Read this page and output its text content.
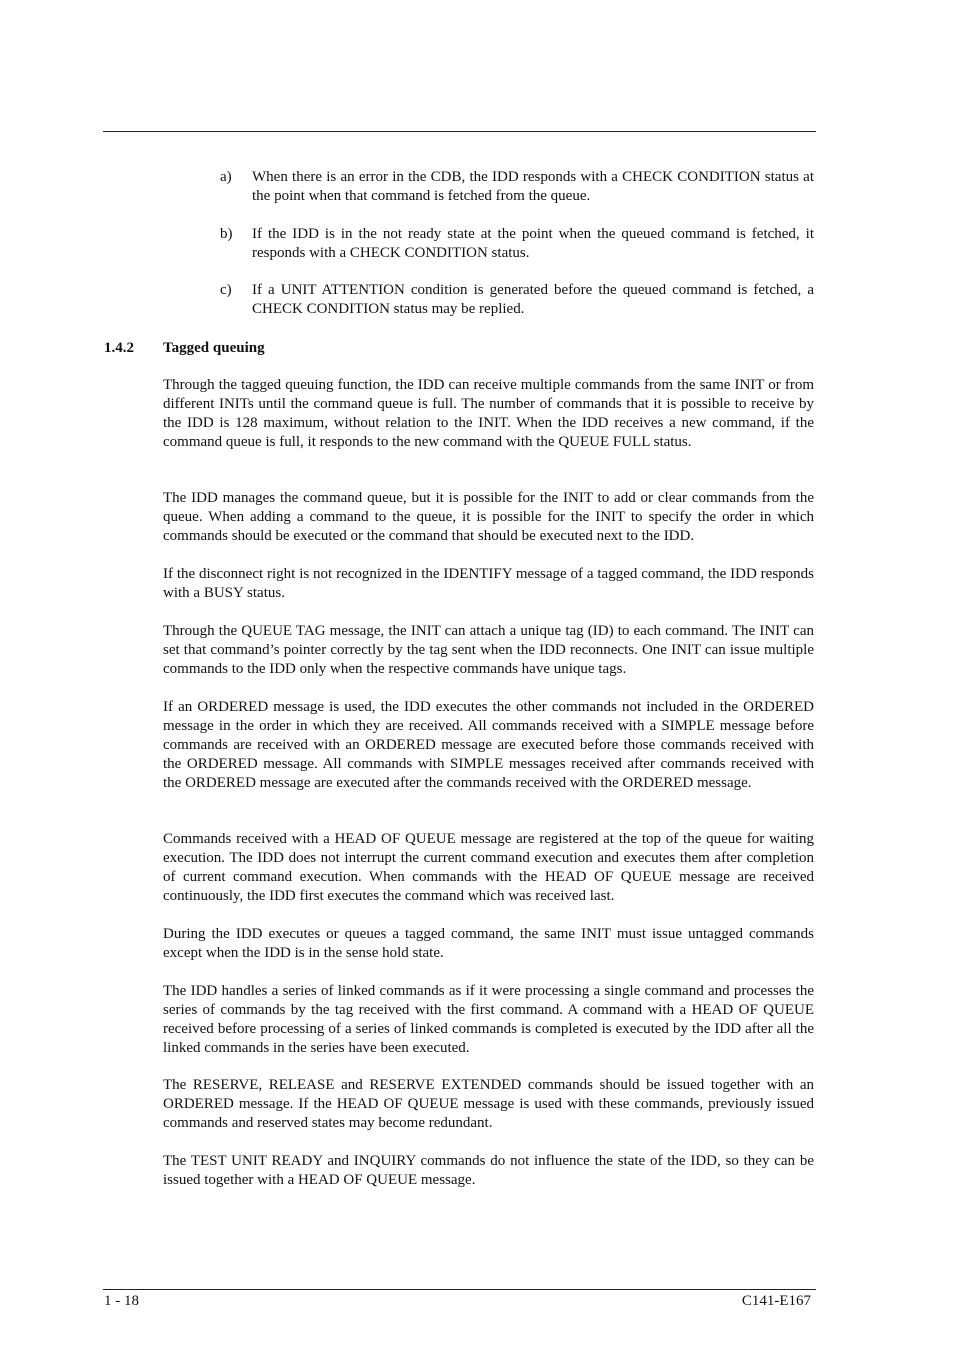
a) When there is an error in the CDB, the IDD responds with a CHECK CONDITION status at the point when that command is fetched from the queue.
b) If the IDD is in the not ready state at the point when the queued command is fetched, it responds with a CHECK CONDITION status.
c) If a UNIT ATTENTION condition is generated before the queued command is fetched, a CHECK CONDITION status may be replied.
1.4.2 Tagged queuing

Through the tagged queuing function, the IDD can receive multiple commands from the same INIT or from different INITs until the command queue is full. The number of commands that it is possible to receive by the IDD is 128 maximum, without relation to the INIT. When the IDD receives a new command, if the command queue is full, it responds to the new command with the QUEUE FULL status.

The IDD manages the command queue, but it is possible for the INIT to add or clear commands from the queue. When adding a command to the queue, it is possible for the INIT to specify the order in which commands should be executed or the command that should be executed next to the IDD.

If the disconnect right is not recognized in the IDENTIFY message of a tagged command, the IDD responds with a BUSY status.

Through the QUEUE TAG message, the INIT can attach a unique tag (ID) to each command. The INIT can set that command’s pointer correctly by the tag sent when the IDD reconnects. One INIT can issue multiple commands to the IDD only when the respective commands have unique tags.

If an ORDERED message is used, the IDD executes the other commands not included in the ORDERED message in the order in which they are received. All commands received with a SIMPLE message before commands are received with an ORDERED message are executed before those commands received with the ORDERED message. All commands with SIMPLE messages received after commands received with the ORDERED message are executed after the commands received with the ORDERED message.

Commands received with a HEAD OF QUEUE message are registered at the top of the queue for waiting execution. The IDD does not interrupt the current command execution and executes them after completion of current command execution. When commands with the HEAD OF QUEUE message are received continuously, the IDD first executes the command which was received last.

During the IDD executes or queues a tagged command, the same INIT must issue untagged commands except when the IDD is in the sense hold state.

The IDD handles a series of linked commands as if it were processing a single command and processes the series of commands by the tag received with the first command. A command with a HEAD OF QUEUE received before processing of a series of linked commands is completed is executed by the IDD after all the linked commands in the series have been executed.

The RESERVE, RELEASE and RESERVE EXTENDED commands should be issued together with an ORDERED message. If the HEAD OF QUEUE message is used with these commands, previously issued commands and reserved states may become redundant.

The TEST UNIT READY and INQUIRY commands do not influence the state of the IDD, so they can be issued together with a HEAD OF QUEUE message.

1 - 18	C141-E167
